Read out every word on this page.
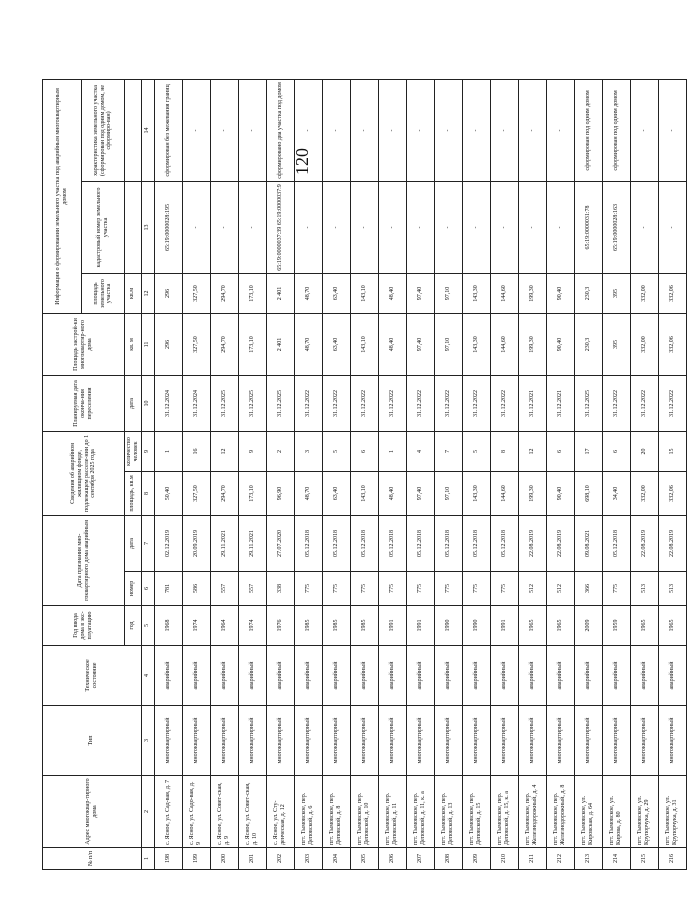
120
№ п/п	Адрес многоквар-тирного дома	Тип	Техническое состояние	Год ввода дома в экс-плуатацию	Дата признания мно-гоквартирного дома аварийным		Сведения об аварийном жилищном фонде, подлежащем расселе-нии до 1 сентября 2025 года		Планируемая дата оконча-ния переселения	Площадь застрой-ки многоквартир-ного дома	Информация о формировании земельного участка под аварийным многоквартирным домом		
											площадь земельного участка	кадастровый номер земельного участка	характеристика земельного участка (сформирован под одним домом, не сформиро-ван)
				год	номер	дата	площадь, кв.м	количество человек	дата	кв. м	кв.м		
1	2	3	4	5	6	7	8	9	10	11	12	13	14
198	с. Ясное, ул. Сад-вая, д. 7	многоквартирный	аварийный	1968	781	02.12.2019	50,40	1	31.12.2024	296	296	65:19:0000028:195	сформирован без межевания границ
199	с. Ясное, ул. Садо-вая, д. 9	многоквартирный	аварийный	1974	586	20.09.2019	327,50	16	31.12.2024	327,50	327,50	-	-
200	с. Ясное, ул. Совет-ская, д. 9	многоквартирный	аварийный	1964	557	29.11.2021	294,70	12	31.12.2025	294,70	294,70	-	-
201	с. Ясное, ул. Совет-ская, д. 10	многоквартирный	аварийный	1974	557	29.11.2021	173,10	9	31.12.2025	173,10	173,10	-	-
202	с. Ясное, ул. Сту-денческая, д. 12	многоквартирный	аварийный	1976	338	27.07.2020	96,90	2	31.12.2025	2 401	2 401	65:19:0000037:39 65:19:0000037:9	сформировано два участка под домом
203	пгт. Тымовское, пер. Деповской, д. 6	многоквартирный	аварийный	1985	775	05.12.2018	48,70	3	31.12.2022	48,70	48,70	-	-
204	пгт. Тымовское, пер. Деповской, д. 8	многоквартирный	аварийный	1985	775	05.12.2018	63,40	5	31.12.2022	63,40	63,40	-	-
205	пгт. Тымовское, пер. Деповской, д. 10	многоквартирный	аварийный	1985	775	05.12.2018	143,10	6	31.12.2022	143,10	143,10	-	-
206	пгт. Тымовское, пер. Деповской, д. 11	многоквартирный	аварийный	1991	775	05.12.2018	48,40	1	31.12.2022	48,40	48,40	-	-
207	пгт. Тымовское, пер. Деповской, д. 11, к. а	многоквартирный	аварийный	1991	775	05.12.2018	97,40	4	31.12.2022	97,40	97,40	-	-
208	пгт. Тымовское, пер. Деповской, д. 13	многоквартирный	аварийный	1990	775	05.12.2018	97,10	7	31.12.2022	97,10	97,10	-	-
209	пгт. Тымовское, пер. Деповской, д. 15	многоквартирный	аварийный	1990	775	05.12.2018	143,30	5	31.12.2022	143,30	143,30	-	-
210	пгт. Тымовское, пер. Деповской, д. 15, к. а	многоквартирный	аварийный	1991	775	05.12.2018	144,60	8	31.12.2022	144,60	144,60	-	-
211	пгт. Тымовское, пер. Железнодорожный, д. 4	многоквартирный	аварийный	1965	512	22.08.2019	199,30	12	31.12.2021	199,30	199,30	-	-
212	пгт. Тымовское, пер. Железнодорожный, д. 8	многоквартирный	аварийный	1965	512	22.08.2019	90,40	6	31.12.2021	90,40	90,40	-	-
213	пгт. Тымовское, ул. Кировская, д. 64	многоквартирный	аварийный	2009	366	09.08.2021	698,10	17	31.12.2025	230,3	230,3	65:19:0000031:78	сформирован под одним домом
214	пгт. Тымовское, ул. Кирова, д. 80	многоквартирный	аварийный	1959	775	05.12.2018	34,40	6	31.12.2022	395	395	65:19:0000028:163	сформирован под одним домом
215	пгт. Тымовское, ул. Крупорчука, д. 29	многоквартирный	аварийный	1965	513	22.08.2019	332,00	20	31.12.2022	332,00	332,00	-	-
216	пгт. Тымовское, ул. Крупорчука, д. 31	многоквартирный	аварийный	1965	513	22.08.2019	332,06	15	31.12.2022	332,06	332,06	-	-
